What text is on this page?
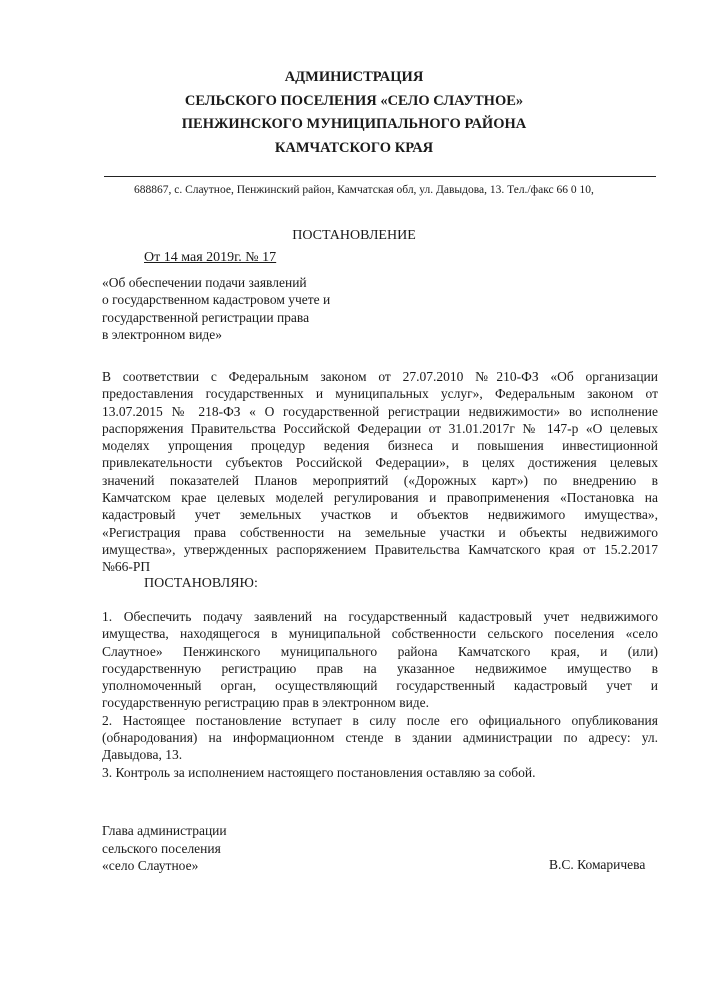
АДМИНИСТРАЦИЯ
СЕЛЬСКОГО ПОСЕЛЕНИЯ «СЕЛО СЛАУТНОЕ»
ПЕНЖИНСКОГО МУНИЦИПАЛЬНОГО РАЙОНА
КАМЧАТСКОГО КРАЯ
688867, с. Слаутное, Пенжинский район, Камчатская обл, ул. Давыдова, 13. Тел./факс 66 0 10,
ПОСТАНОВЛЕНИЕ
От 14 мая 2019г. № 17
«Об обеспечении подачи заявлений
о государственном кадастровом учете и
государственной регистрации права
в электронном виде»
В соответствии с Федеральным законом от 27.07.2010 №210-ФЗ «Об организации
предоставления государственных и муниципальных услуг», Федеральным законом от
13.07.2015 № 218-ФЗ « О государственной регистрации недвижимости» во исполнение
распоряжения Правительства Российской Федерации от 31.01.2017г № 147-р «О целевых
моделях упрощения процедур ведения бизнеса и повышения инвестиционной
привлекательности субъектов Российской Федерации», в целях достижения целевых
значений показателей Планов мероприятий («Дорожных карт») по внедрению в
Камчатском крае целевых моделей регулирования и правоприменения «Постановка на
кадастровый учет земельных участков и объектов недвижимого имущества»,
«Регистрация права собственности на земельные участки и объекты недвижимого
имущества», утвержденных распоряжением Правительства Камчатского края от 15.2.2017
№66-РП
ПОСТАНОВЛЯЮ:
1. Обеспечить подачу заявлений на государственный кадастровый учет недвижимого
имущества, находящегося в муниципальной собственности сельского поселения «село
Слаутное» Пенжинского муниципального района Камчатского края, и (или)
государственную регистрацию прав на указанное недвижимое имущество в
уполномоченный орган, осуществляющий государственный кадастровый учет и
государственную регистрацию прав в электронном виде.
2. Настоящее постановление вступает в силу после его официального опубликования
(обнародования) на информационном стенде в здании администрации по адресу: ул.
Давыдова, 13.
3. Контроль за исполнением настоящего постановления оставляю за собой.
Глава администрации
сельского поселения
«село Слаутное»	В.С. Комаричева
